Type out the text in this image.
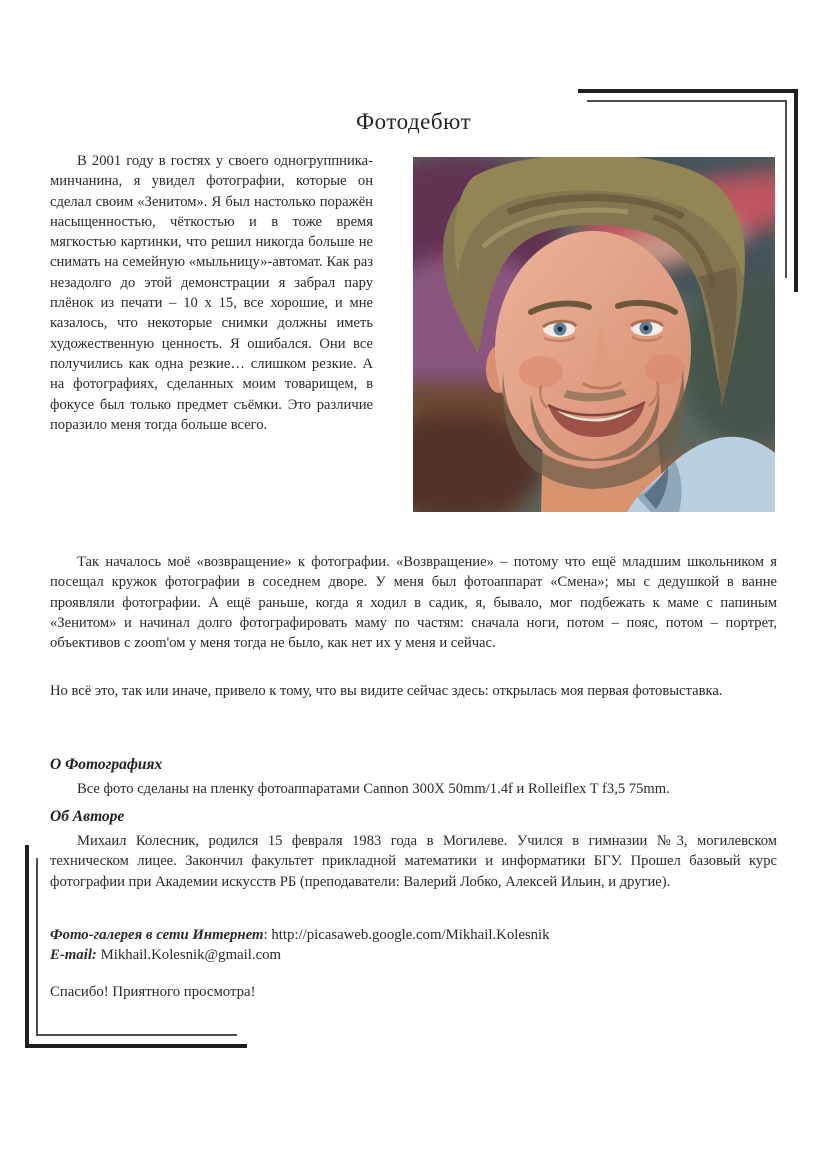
Фотодебют

В 2001 году в гостях у своего одногруппника-минчанина, я увидел фотографии, которые он сделал своим «Зенитом». Я был настолько поражён насыщенностью, чёткостью и в тоже время мягкостью картинки, что решил никогда больше не снимать на семейную «мыльницу»-автомат. Как раз незадолго до этой демонстрации я забрал пару плёнок из печати – 10 х 15, все хорошие, и мне казалось, что некоторые снимки должны иметь художественную ценность. Я ошибался. Они все получились как одна резкие… слишком резкие. А на фотографиях, сделанных моим товарищем, в фокусе был только предмет съёмки. Это различие поразило меня тогда больше всего.

Так началось моё «возвращение» к фотографии. «Возвращение» – потому что ещё младшим школьником я посещал кружок фотографии в соседнем дворе. У меня был фотоаппарат «Смена»; мы с дедушкой в ванне проявляли фотографии. А ещё раньше, когда я ходил в садик, я, бывало, мог подбежать к маме с папиным «Зенитом» и начинал долго фотографировать маму по частям: сначала ноги, потом – пояс, потом – портрет, объективов с zoom'ом у меня тогда не было, как нет их у меня и сейчас.

Но всё это, так или иначе, привело к тому, что вы видите сейчас здесь: открылась моя первая фотовыставка.

О Фотографиях

Все фото сделаны на пленку фотоаппаратами Cannon 300X 50mm/1.4f и Rolleiflex T f3,5 75mm.

Об Авторе

Михаил Колесник, родился 15 февраля 1983 года в Могилеве. Учился в гимназии №3, могилевском техническом лицее. Закончил факультет прикладной математики и информатики БГУ. Прошел базовый курс фотографии при Академии искусств РБ (преподаватели: Валерий Лобко, Алексей Ильин, и другие).

Фото-галерея в сети Интернет: http://picasaweb.google.com/Mikhail.Kolesnik

E-mail: Mikhail.Kolesnik@gmail.com

Спасибо! Приятного просмотра!
